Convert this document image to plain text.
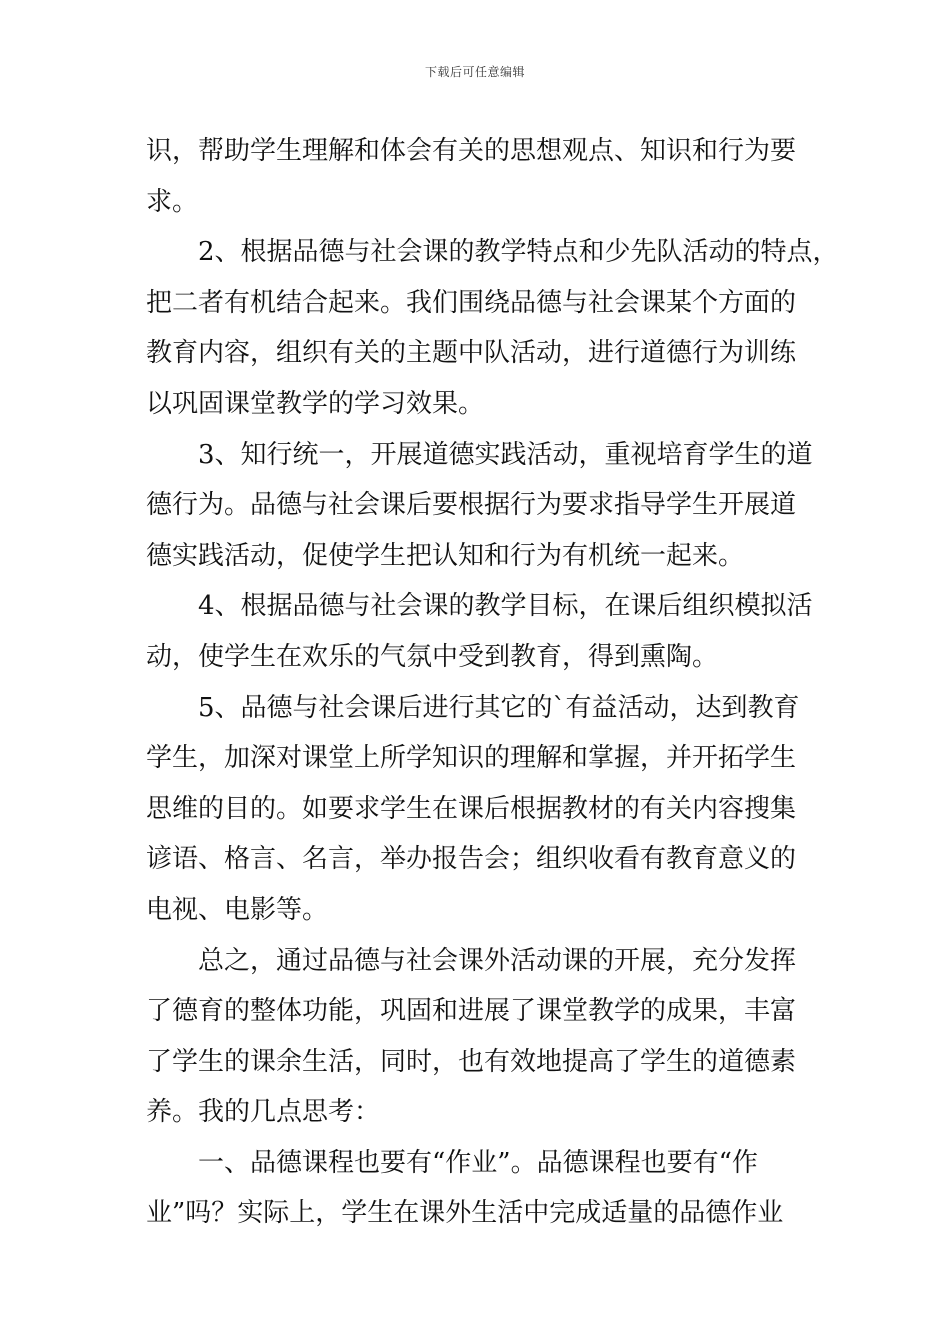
下载后可任意编辑
识，帮助学生理解和体会有关的思想观点、知识和行为要
求。
2、根据品德与社会课的教学特点和少先队活动的特点，
把二者有机结合起来。我们围绕品德与社会课某个方面的
教育内容，组织有关的主题中队活动，进行道德行为训练
以巩固课堂教学的学习效果。
3、知行统一，开展道德实践活动，重视培育学生的道
德行为。品德与社会课后要根据行为要求指导学生开展道
德实践活动，促使学生把认知和行为有机统一起来。
4、根据品德与社会课的教学目标，在课后组织模拟活
动，使学生在欢乐的气氛中受到教育，得到熏陶。
5、品德与社会课后进行其它的`有益活动，达到教育
学生，加深对课堂上所学知识的理解和掌握，并开拓学生
思维的目的。如要求学生在课后根据教材的有关内容搜集
谚语、格言、名言，举办报告会；组织收看有教育意义的
电视、电影等。
总之，通过品德与社会课外活动课的开展，充分发挥
了德育的整体功能，巩固和进展了课堂教学的成果，丰富
了学生的课余生活，同时，也有效地提高了学生的道德素
养。我的几点思考：
一、品德课程也要有“作业”。品德课程也要有“作
业”吗？实际上，学生在课外生活中完成适量的品德作业
